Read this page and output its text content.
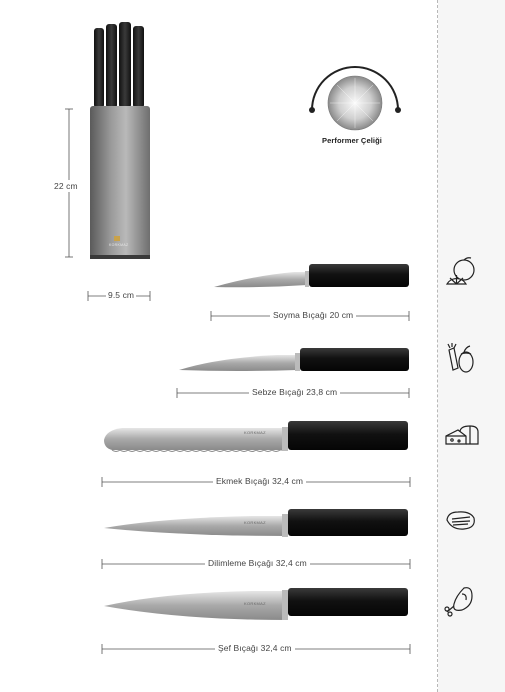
KORKMAZ
22 cm
9.5 cm
Performer Çeliği
Soyma Bıçağı 20 cm
Sebze Bıçağı 23,8 cm
KORKMAZ
Ekmek Bıçağı 32,4 cm
KORKMAZ
Dilimleme Bıçağı 32,4 cm
KORKMAZ
Şef Bıçağı 32,4 cm
